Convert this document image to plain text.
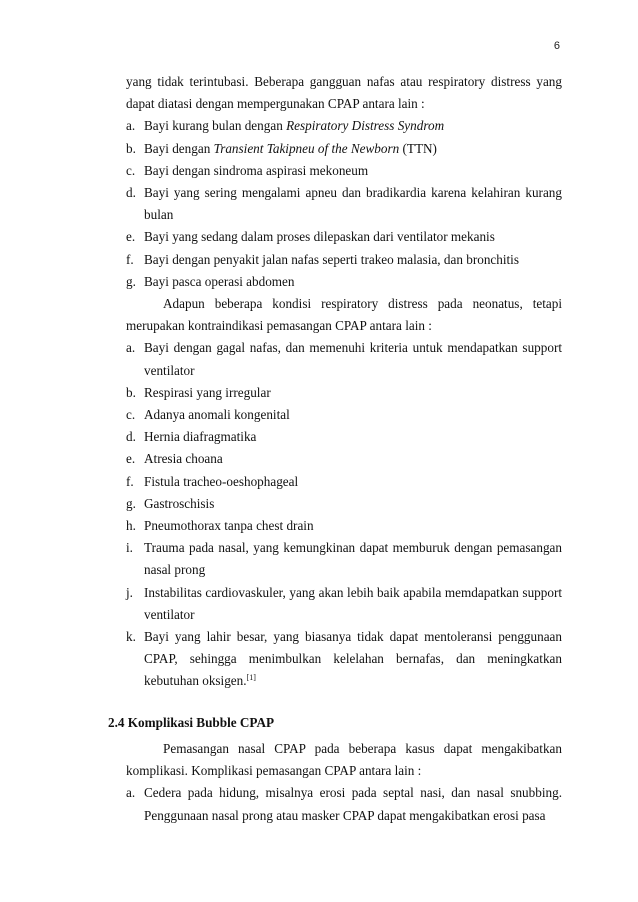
6

yang tidak terintubasi. Beberapa gangguan nafas atau respiratory distress yang

dapat diatasi dengan mempergunakan CPAP antara lain :

a. Bayi kurang bulan dengan Respiratory Distress Syndrom
b. Bayi dengan Transient Takipneu of the Newborn (TTN)
c. Bayi dengan sindroma aspirasi mekoneum
d. Bayi yang sering mengalami apneu dan bradikardia karena kelahiran kurang bulan
e. Bayi yang sedang dalam proses dilepaskan dari ventilator mekanis
f. Bayi dengan penyakit jalan nafas seperti trakeo malasia, dan bronchitis
g. Bayi pasca operasi abdomen

Adapun beberapa kondisi respiratory distress pada neonatus, tetapi merupakan kontraindikasi pemasangan CPAP antara lain :

a. Bayi dengan gagal nafas, dan memenuhi kriteria untuk mendapatkan support ventilator
b. Respirasi yang irregular
c. Adanya anomali kongenital
d. Hernia diafragmatika
e. Atresia choana
f. Fistula tracheo-oeshophageal
g. Gastroschisis
h. Pneumothorax tanpa chest drain
i. Trauma pada nasal, yang kemungkinan dapat memburuk dengan pemasangan nasal prong
j. Instabilitas cardiovaskuler, yang akan lebih baik apabila memdapatkan support ventilator
k. Bayi yang lahir besar, yang biasanya tidak dapat mentoleransi penggunaan CPAP, sehingga menimbulkan kelelahan bernafas, dan meningkatkan kebutuhan oksigen.[1]
2.4 Komplikasi Bubble CPAP

Pemasangan nasal CPAP pada beberapa kasus dapat mengakibatkan komplikasi. Komplikasi pemasangan CPAP antara lain :

a. Cedera pada hidung, misalnya erosi pada septal nasi, dan nasal snubbing. Penggunaan nasal prong atau masker CPAP dapat mengakibatkan erosi pasa
